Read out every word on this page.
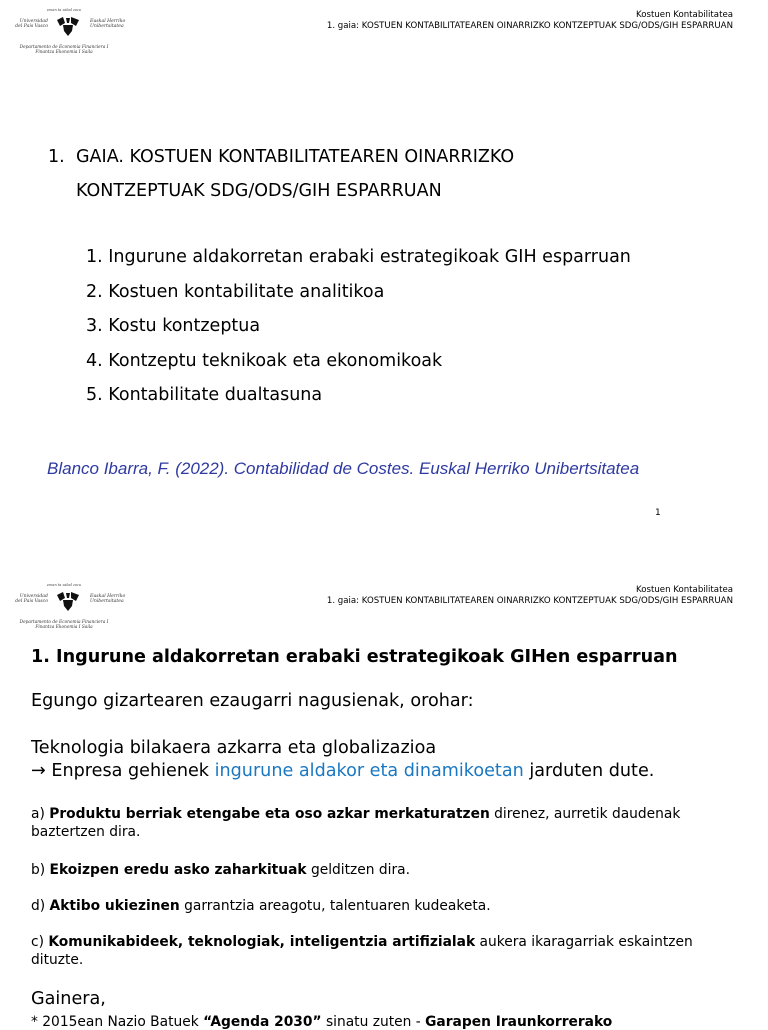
eman ta zabal zazu
Universidad
del País Vasco
Euskal Herriko
Unibertsitatea
Departamento de Economía Financiera I
Finantza Ekonomia I Saila
Kostuen Kontabilitatea
1. gaia: KOSTUEN KONTABILITATEAREN OINARRIZKO KONTZEPTUAK SDG/ODS/GIH ESPARRUAN
1. GAIA. KOSTUEN KONTABILITATEAREN OINARRIZKO
KONTZEPTUAK SDG/ODS/GIH ESPARRUAN
1. Ingurune aldakorretan erabaki estrategikoak GIH esparruan
2. Kostuen kontabilitate analitikoa
3. Kostu kontzeptua
4. Kontzeptu teknikoak eta ekonomikoak
5. Kontabilitate dualtasuna
Blanco Ibarra, F. (2022). Contabilidad de Costes. Euskal Herriko Unibertsitatea
1
eman ta zabal zazu
Universidad
del País Vasco
Euskal Herriko
Unibertsitatea
Departamento de Economía Financiera I
Finantza Ekonomia I Saila
Kostuen Kontabilitatea
1. gaia: KOSTUEN KONTABILITATEAREN OINARRIZKO KONTZEPTUAK SDG/ODS/GIH ESPARRUAN
1. Ingurune aldakorretan erabaki estrategikoak GIHen esparruan
Egungo gizartearen ezaugarri nagusienak, orohar:
Teknologia bilakaera azkarra eta globalizazioa
→ Enpresa gehienek ingurune aldakor eta dinamikoetan jarduten dute.
a) Produktu berriak etengabe eta oso azkar merkaturatzen direnez, aurretik daudenak baztertzen dira.
b) Ekoizpen eredu asko zaharkituak gelditzen dira.
d) Aktibo ukiezinen garrantzia areagotu, talentuaren kudeaketa.
c) Komunikabideek, teknologiak, inteligentzia artifizialak aukera ikaragarriak eskaintzen dituzte.
Gainera,
* 2015ean Nazio Batuek “Agenda 2030” sinatu zuten - Garapen Iraunkorrerako
